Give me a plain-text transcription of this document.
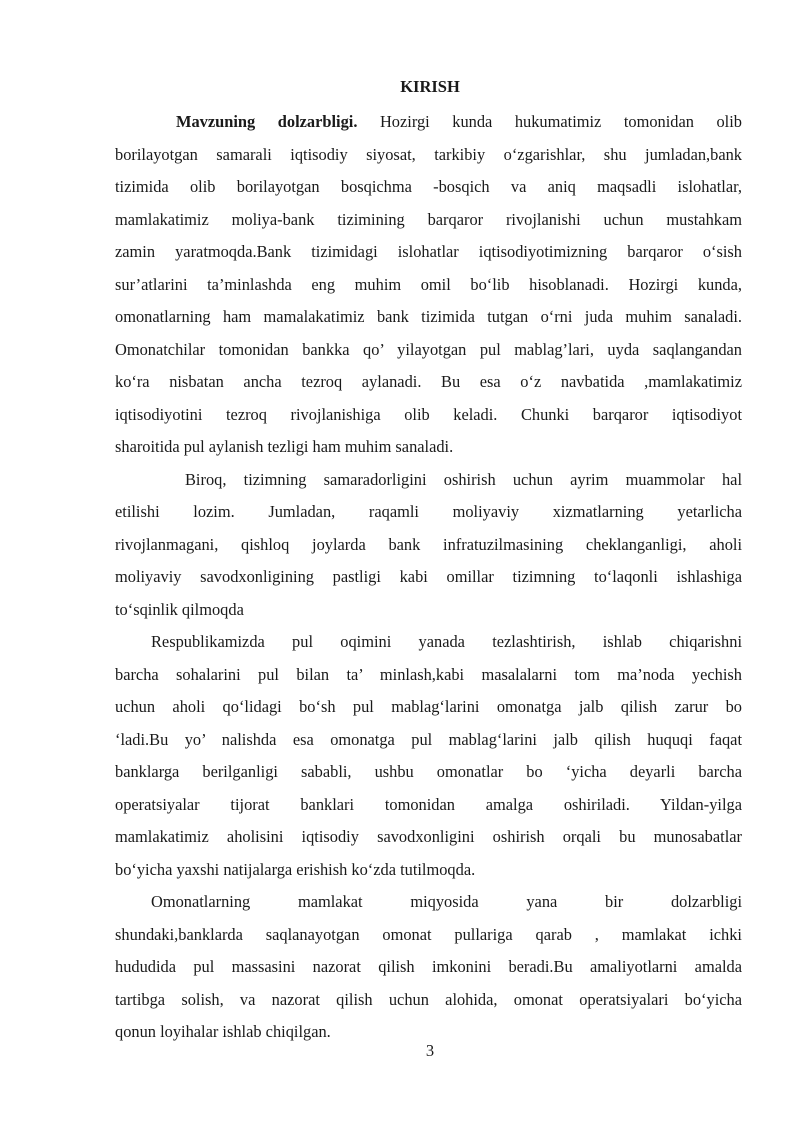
KIRISH
Mavzuning dolzarbligi. Hozirgi kunda hukumatimiz tomonidan olib
borilayotgan samarali iqtisodiy siyosat, tarkibiy o‘zgarishlar, shu jumladan,bank
tizimida olib borilayotgan bosqichma -bosqich va aniq maqsadli islohatlar,
mamlakatimiz moliya-bank tizimining barqaror rivojlanishi uchun mustahkam
zamin yaratmoqda.Bank tizimidagi islohatlar iqtisodiyotimizning barqaror o‘sish
sur’atlarini ta’minlashda eng muhim omil bo‘lib hisoblanadi. Hozirgi kunda,
omonatlarning ham mamalakatimiz bank tizimida tutgan o‘rni juda muhim sanaladi.
Omonatchilar tomonidan bankka qo’ yilayotgan pul mablag’lari, uyda saqlangandan
ko‘ra nisbatan ancha tezroq aylanadi. Bu esa o‘z navbatida ,mamlakatimiz
iqtisodiyotini tezroq rivojlanishiga olib keladi. Chunki barqaror iqtisodiyot
sharoitida pul aylanish tezligi ham muhim sanaladi.
Biroq, tizimning samaradorligini oshirish uchun ayrim muammolar hal
etilishi lozim. Jumladan, raqamli moliyaviy xizmatlarning yetarlicha
rivojlanmagani, qishloq joylarda bank infratuzilmasining cheklanganligi, aholi
moliyaviy savodxonligining pastligi kabi omillar tizimning to‘laqonli ishlashiga
to‘sqinlik qilmoqda
Respublikamizda pul oqimini yanada tezlashtirish, ishlab chiqarishni
barcha sohalarini pul bilan ta’ minlash,kabi masalalarni tom ma’noda yechish
uchun aholi qo‘lidagi bo‘sh pul mablag‘larini omonatga jalb qilish zarur bo
‘ladi.Bu yo’ nalishda esa omonatga pul mablag‘larini jalb qilish huquqi faqat
banklarga berilganligi sababli, ushbu omonatlar bo ‘yicha deyarli barcha
operatsiyalar tijorat banklari tomonidan amalga oshiriladi. Yildan-yilga
mamlakatimiz aholisini iqtisodiy savodxonligini oshirish orqali bu munosabatlar
bo‘yicha yaxshi natijalarga erishish ko‘zda tutilmoqda.
Omonatlarning mamlakat miqyosida yana bir dolzarbligi
shundaki,banklarda saqlanayotgan omonat pullariga qarab , mamlakat ichki
hududida pul massasini nazorat qilish imkonini beradi.Bu amaliyotlarni amalda
tartibga solish, va nazorat qilish uchun alohida, omonat operatsiyalari bo‘yicha
qonun loyihalar ishlab chiqilgan.
3
